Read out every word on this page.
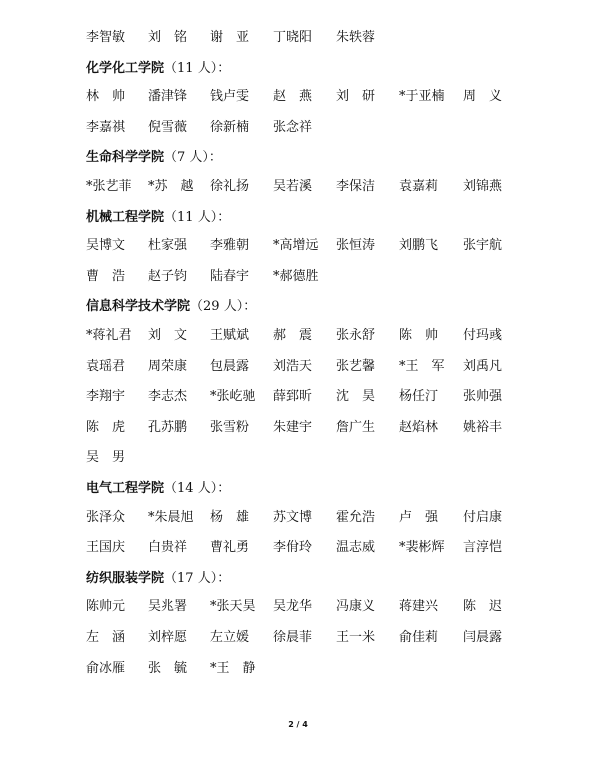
李智敏	刘　铭	谢　亚	丁晓阳	朱轶蓉
化学化工学院（11 人）：
林　帅	潘津锋	钱卢雯	赵　燕	刘　研	*于亚楠	周　义
李嘉祺	倪雪薇	徐新楠	张念祥
生命科学学院（7 人）：
*张艺菲	*苏　越	徐礼扬	吴若溪	李保洁	袁嘉莉	刘锦燕
机械工程学院（11 人）：
吴博文	杜家强	李雅朝	*高增远	张恒涛	刘鹏飞	张宇航
曹　浩	赵子钧	陆春宇	*郝德胜
信息科学技术学院（29 人）：
*蒋礼君	刘　文	王赋斌	郝　震	张永舒	陈　帅	付玛彧
袁瑶君	周荣康	包晨露	刘浩天	张艺馨	*王　军	刘禹凡
李翔宇	李志杰	*张屹驰	薛郅昕	沈　昊	杨任汀	张帅强
陈　虎	孔苏鹏	张雪粉	朱建宇	詹广生	赵焰林	姚裕丰
吴　男
电气工程学院（14 人）：
张泽众	*朱晨旭	杨　雄	苏文博	霍允浩	卢　强	付启康
王国庆	白贵祥	曹礼勇	李佾玲	温志威	*裴彬辉	言淳恺
纺织服装学院（17 人）：
陈帅元	吴兆署	*张天昊	吴龙华	冯康义	蒋建兴	陈　迟
左　涵	刘梓愿	左立媛	徐晨菲	王一米	俞佳莉	闫晨露
俞冰雁	张　毓	*王　静
2 / 4
